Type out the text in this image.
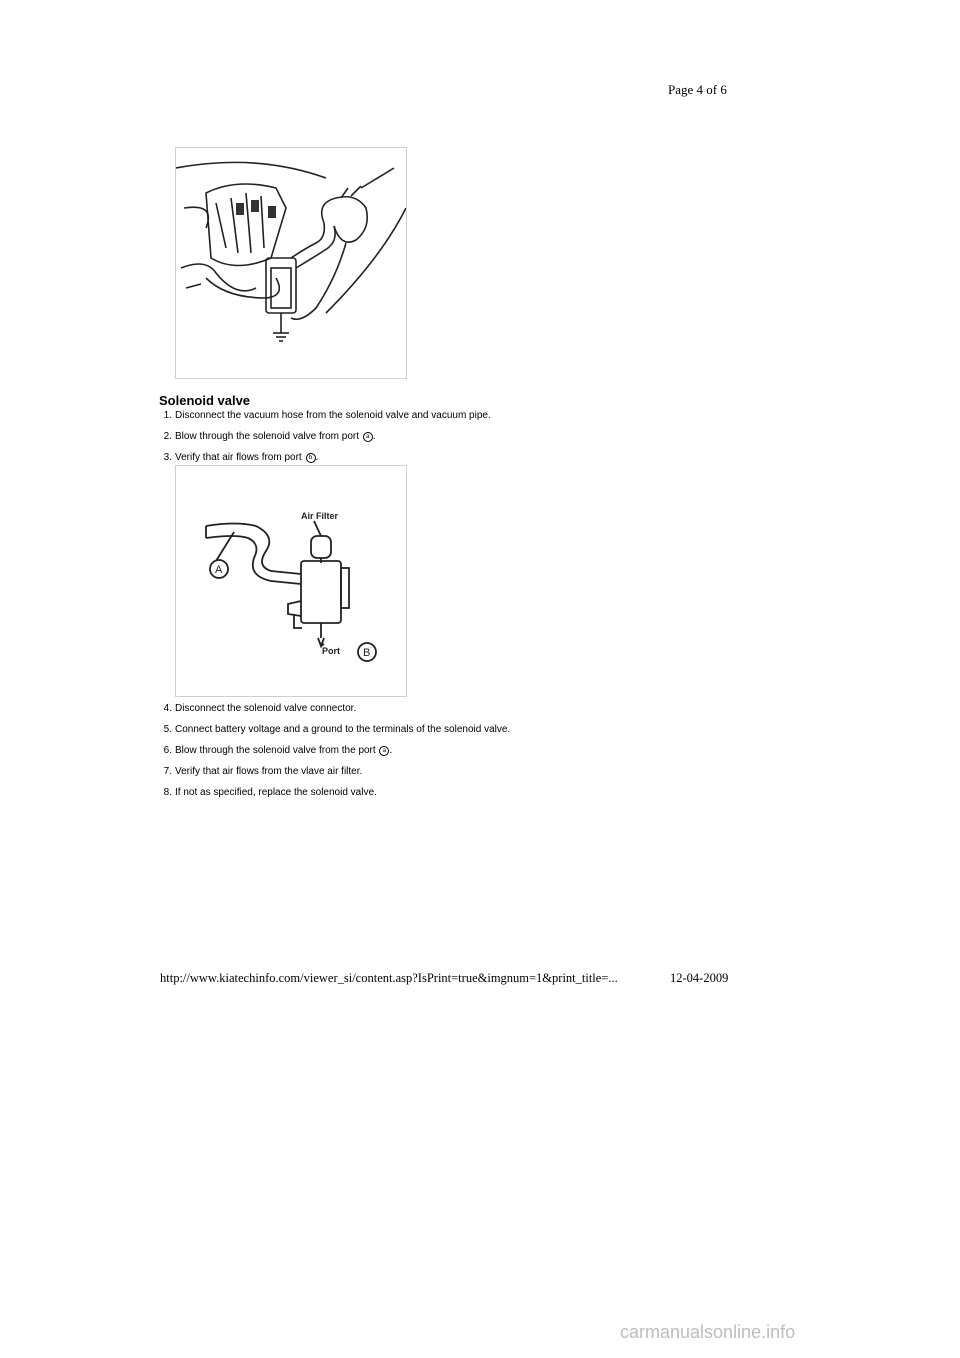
Page 4 of 6
Solenoid valve
1. Disconnect the vacuum hose from the solenoid valve and vacuum pipe.
2. Blow through the solenoid valve from port a .
3. Verify that air flows from port b .
Air Filter
Port
A
B
4. Disconnect the solenoid valve connector.
5. Connect battery voltage and a ground to the terminals of the solenoid valve.
6. Blow through the solenoid valve from the port a .
7. Verify that air flows from the vlave air filter.
8. If not as specified, replace the solenoid valve.
http://www.kiatechinfo.com/viewer_si/content.asp?IsPrint=true&imgnum=1&print_title=...	12-04-2009
carmanualsonline.info
